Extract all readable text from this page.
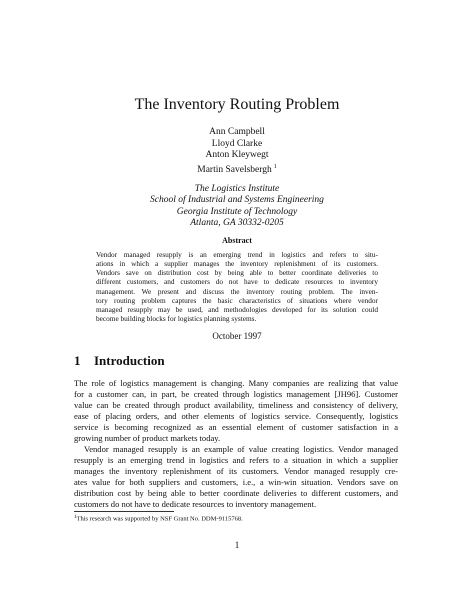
The Inventory Routing Problem
Ann Campbell
Lloyd Clarke
Anton Kleywegt
Martin Savelsbergh $^1$
The Logistics Institute
School of Industrial and Systems Engineering
Georgia Institute of Technology
Atlanta, GA 30332-0205
Abstract
Vendor managed resupply is an emerging trend in logistics and refers to situ-
ations in which a supplier manages the inventory replenishment of its customers.
Vendors save on distribution cost by being able to better coordinate deliveries to
different customers, and customers do not have to dedicate resources to inventory
management. We present and discuss the inventory routing problem. The inven-
tory routing problem captures the basic characteristics of situations where vendor
managed resupply may be used, and methodologies developed for its solution could
become building blocks for logistics planning systems.
October 1997
1 Introduction
The role of logistics management is changing. Many companies are realizing that value
for a customer can, in part, be created through logistics management [JH96]. Customer
value can be created through product availability, timeliness and consistency of delivery,
ease of placing orders, and other elements of logistics service. Consequently, logistics
service is becoming recognized as an essential element of customer satisfaction in a
growing number of product markets today.
Vendor managed resupply is an example of value creating logistics. Vendor managed
resupply is an emerging trend in logistics and refers to a situation in which a supplier
manages the inventory replenishment of its customers. Vendor managed resupply cre-
ates value for both suppliers and customers, i.e., a win-win situation. Vendors save on
distribution cost by being able to better coordinate deliveries to different customers, and
customers do not have to dedicate resources to inventory management.
$^1$This research was supported by NSF Grant No. DDM-9115768.
1
